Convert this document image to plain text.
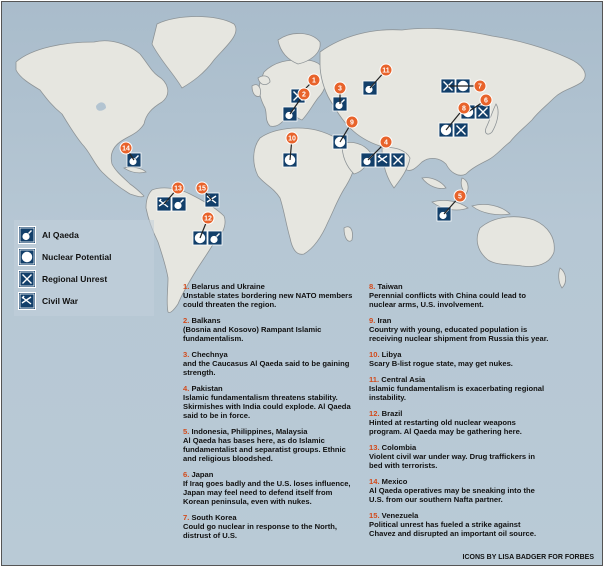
1
2
3
4
5
6
7
8
9
10
11
12
13
14
15
Al Qaeda
Nuclear Potential
Regional Unrest
Civil War
1. Belarus and Ukraine
Unstable states bordering new NATO members could threaten the region.
2. Balkans
(Bosnia and Kosovo) Rampant Islamic fundamentalism.
3. Chechnya
and the Caucasus Al Qaeda said to be gaining strength.
4. Pakistan
Islamic fundamentalism threatens stability. Skirmishes with India could explode. Al Qaeda said to be in force.
5. Indonesia, Philippines, Malaysia
Al Qaeda has bases here, as do Islamic fundamentalist and separatist groups. Ethnic and religious bloodshed.
6. Japan
If Iraq goes badly and the U.S. loses influence, Japan may feel need to defend itself from Korean peninsula, even with nukes.
7. South Korea
Could go nuclear in response to the North, distrust of U.S.
8. Taiwan
Perennial conflicts with China could lead to nuclear arms, U.S. involvement.
9. Iran
Country with young, educated population is receiving nuclear shipment from Russia this year.
10. Libya
Scary B-list rogue state, may get nukes.
11. Central Asia
Islamic fundamentalism is exacerbating regional instability.
12. Brazil
Hinted at restarting old nuclear weapons program. Al Qaeda may be gathering here.
13. Colombia
Violent civil war under way. Drug traffickers in bed with terrorists.
14. Mexico
Al Qaeda operatives may be sneaking into the U.S. from our southern Nafta partner.
15. Venezuela
Political unrest has fueled a strike against Chavez and disrupted an important oil source.
ICONS BY LISA BADGER FOR FORBES
